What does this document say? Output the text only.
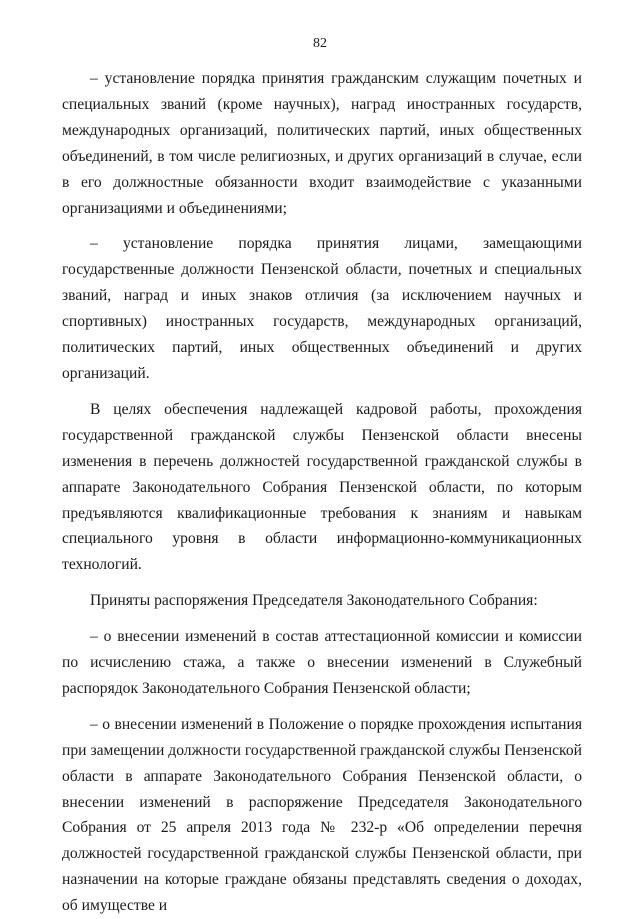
82

– установление порядка принятия гражданским служащим почетных и специальных званий (кроме научных), наград иностранных государств, международных организаций, политических партий, иных общественных объединений, в том числе религиозных, и других организаций в случае, если в его должностные обязанности входит взаимодействие с указанными организациями и объединениями;

– установление порядка принятия лицами, замещающими государственные должности Пензенской области, почетных и специальных званий, наград и иных знаков отличия (за исключением научных и спортивных) иностранных государств, международных организаций, политических партий, иных общественных объединений и других организаций.

В целях обеспечения надлежащей кадровой работы, прохождения государственной гражданской службы Пензенской области внесены изменения в перечень должностей государственной гражданской службы в аппарате Законодательного Собрания Пензенской области, по которым предъявляются квалификационные требования к знаниям и навыкам специального уровня в области информационно-коммуникационных технологий.

Приняты распоряжения Председателя Законодательного Собрания:

– о внесении изменений в состав аттестационной комиссии и комиссии по исчислению стажа, а также о внесении изменений в Служебный распорядок Законодательного Собрания Пензенской области;

– о внесении изменений в Положение о порядке прохождения испытания при замещении должности государственной гражданской службы Пензенской области в аппарате Законодательного Собрания Пензенской области, о внесении изменений в распоряжение Председателя Законодательного Собрания от 25 апреля 2013 года № 232-р «Об определении перечня должностей государственной гражданской службы Пензенской области, при назначении на которые граждане обязаны представлять сведения о доходах, об имуществе и
